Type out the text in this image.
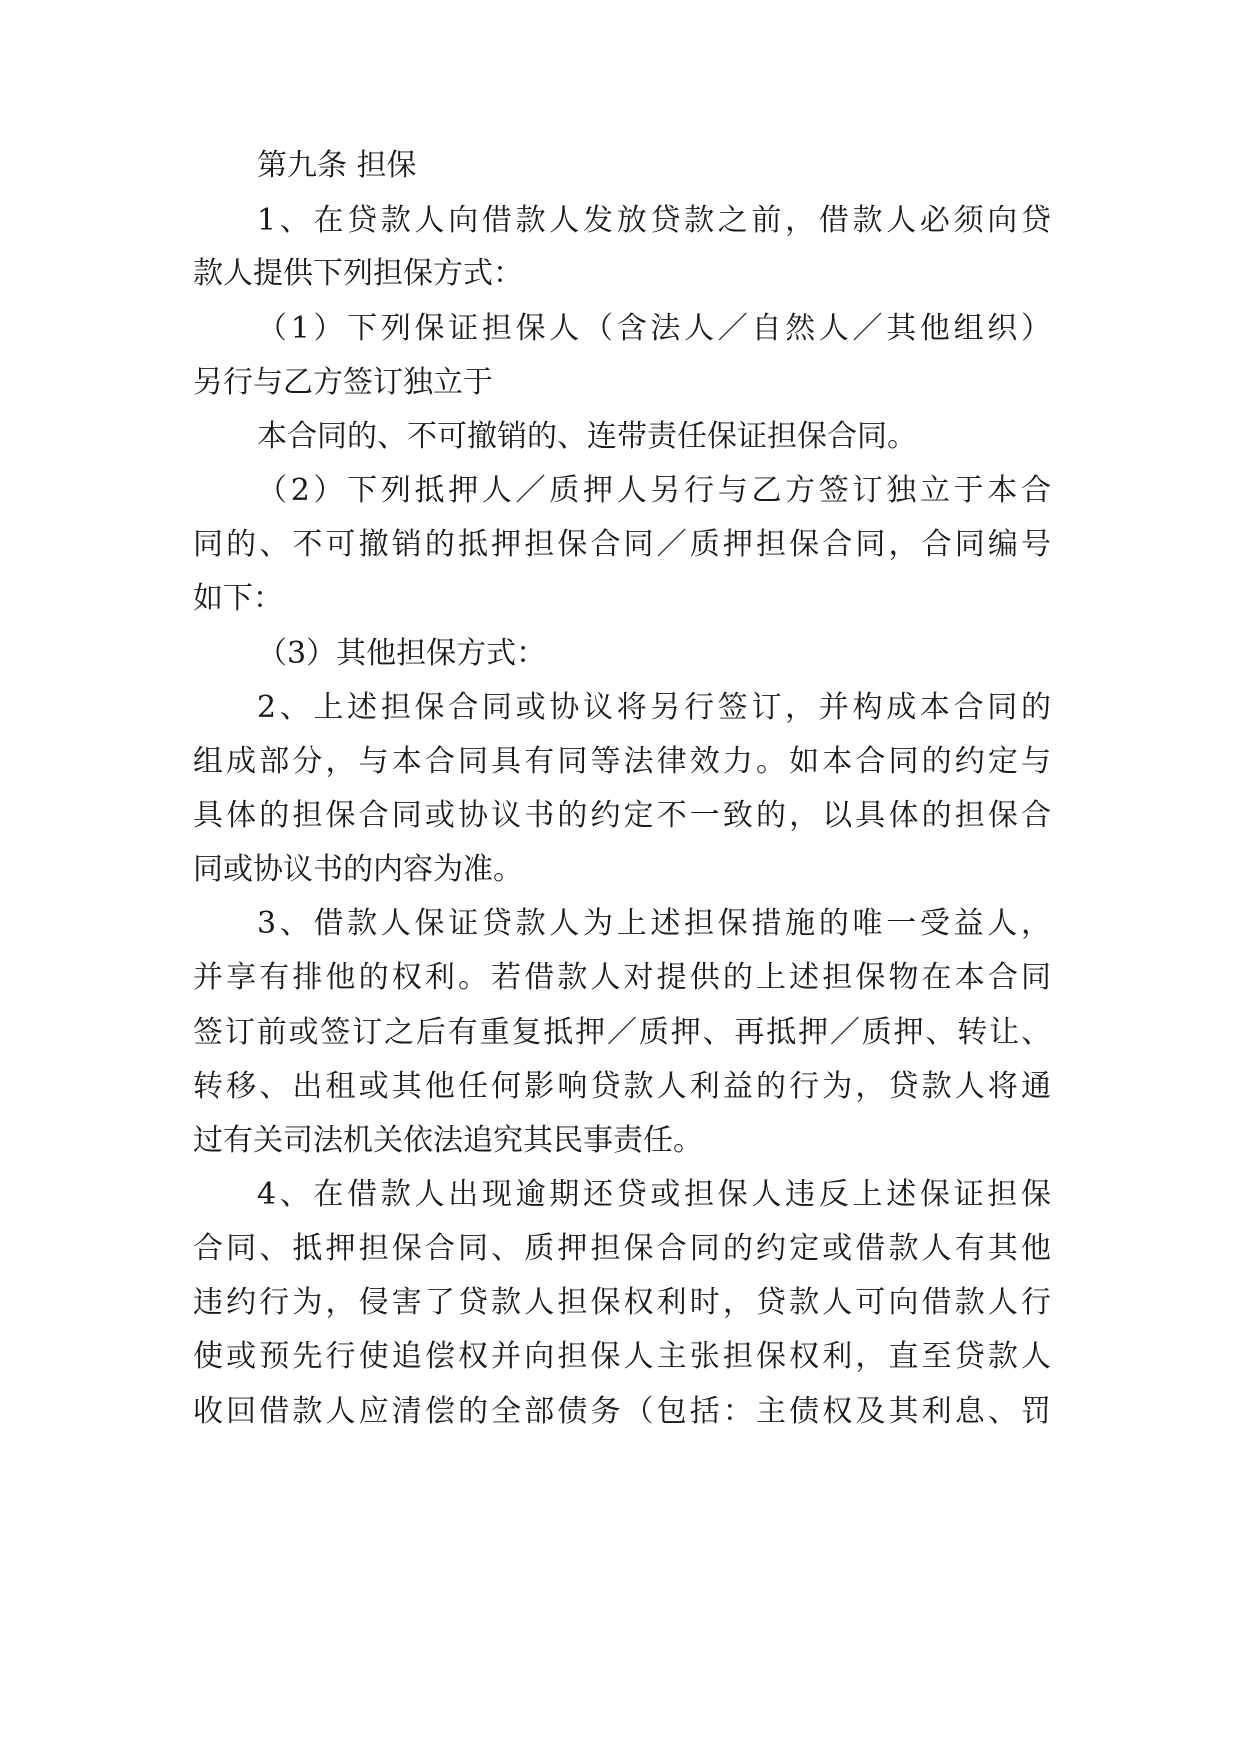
第九条 担保

1、在贷款人向借款人发放贷款之前，借款人必须向贷

款人提供下列担保方式：

（1）下列保证担保人（含法人／自然人／其他组织）

另行与乙方签订独立于

本合同的、不可撤销的、连带责任保证担保合同。

（2）下列抵押人／质押人另行与乙方签订独立于本合

同的、不可撤销的抵押担保合同／质押担保合同，合同编号

如下：

（3）其他担保方式：

2、上述担保合同或协议将另行签订，并构成本合同的

组成部分，与本合同具有同等法律效力。如本合同的约定与

具体的担保合同或协议书的约定不一致的，以具体的担保合

同或协议书的内容为准。

3、借款人保证贷款人为上述担保措施的唯一受益人，

并享有排他的权利。若借款人对提供的上述担保物在本合同

签订前或签订之后有重复抵押／质押、再抵押／质押、转让、

转移、出租或其他任何影响贷款人利益的行为，贷款人将通

过有关司法机关依法追究其民事责任。

4、在借款人出现逾期还贷或担保人违反上述保证担保

合同、抵押担保合同、质押担保合同的约定或借款人有其他

违约行为，侵害了贷款人担保权利时，贷款人可向借款人行

使或预先行使追偿权并向担保人主张担保权利，直至贷款人

收回借款人应清偿的全部债务（包括：主债权及其利息、罚
